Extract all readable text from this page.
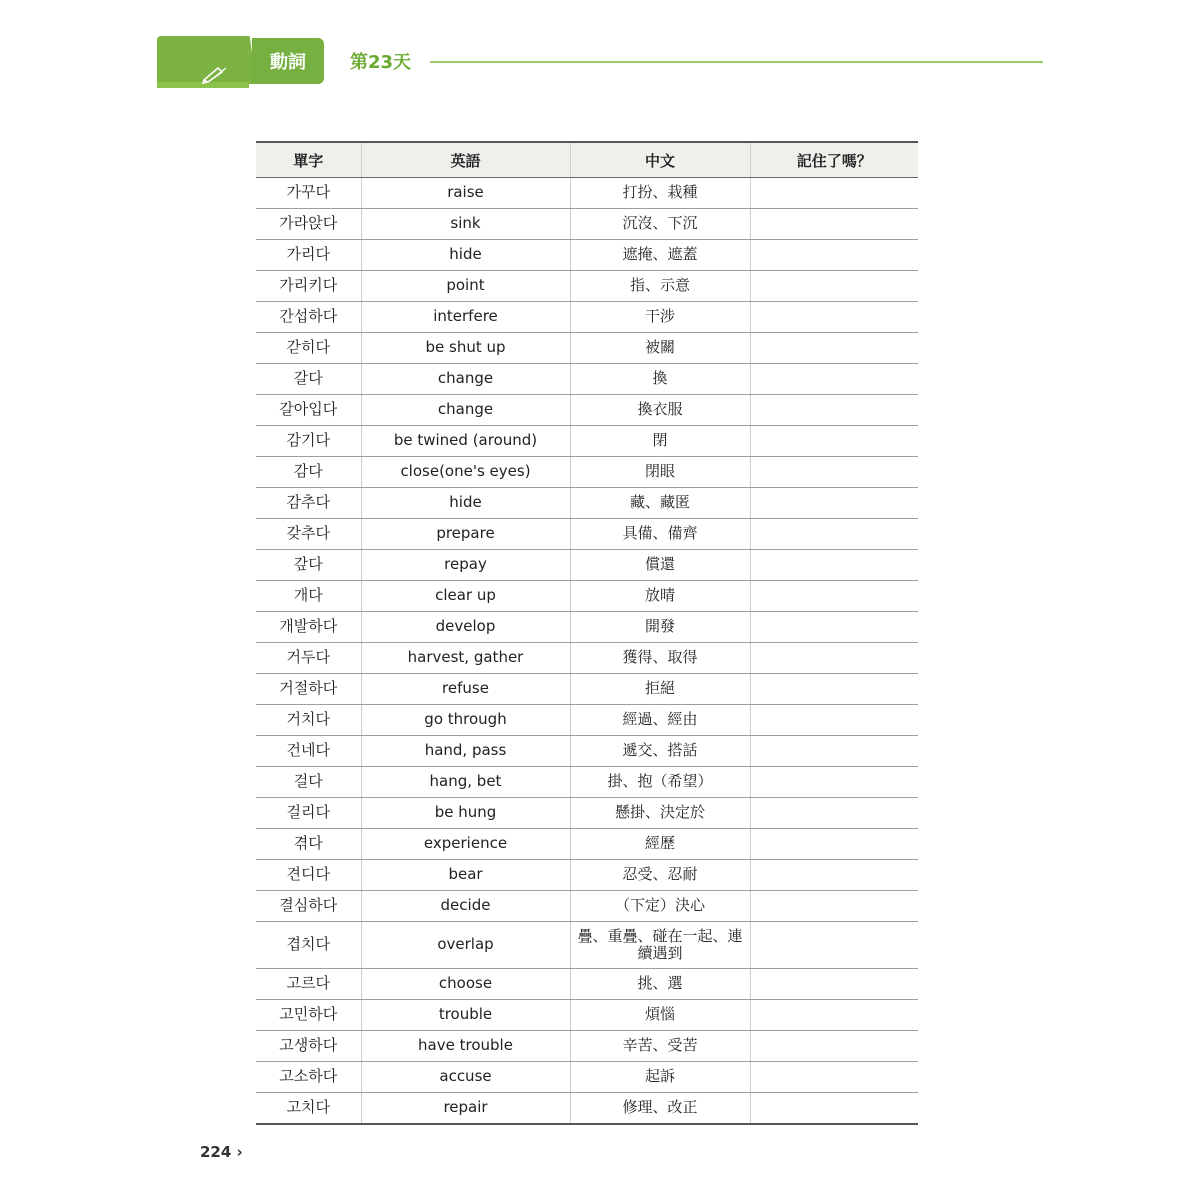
動詞	第23天
單字	英語	中文	記住了嗎？
가꾸다	raise	打扮、栽種	
가라앉다	sink	沉沒、下沉	
가리다	hide	遮掩、遮蓋	
가리키다	point	指、示意	
간섭하다	interfere	干涉	
갇히다	be shut up	被關	
갈다	change	換	
갈아입다	change	換衣服	
감기다	be twined (around)	閉	
감다	close(one's eyes)	閉眼	
감추다	hide	藏、藏匿	
갖추다	prepare	具備、備齊	
갚다	repay	償還	
개다	clear up	放晴	
개발하다	develop	開發	
거두다	harvest, gather	獲得、取得	
거절하다	refuse	拒絕	
거치다	go through	經過、經由	
건네다	hand, pass	遞交、搭話	
걸다	hang, bet	掛、抱（希望）	
걸리다	be hung	懸掛、決定於	
겪다	experience	經歷	
견디다	bear	忍受、忍耐	
결심하다	decide	（下定）決心	
겹치다	overlap	疊、重疊、碰在一起、連續遇到	
고르다	choose	挑、選	
고민하다	trouble	煩惱	
고생하다	have trouble	辛苦、受苦	
고소하다	accuse	起訴	
고치다	repair	修理、改正	
224 ›
